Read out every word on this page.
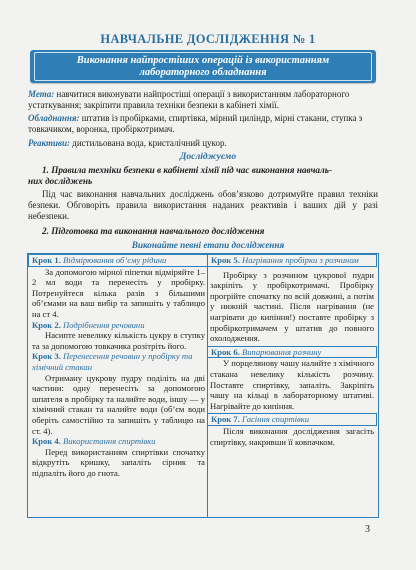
НАВЧАЛЬНЕ ДОСЛІДЖЕННЯ № 1
Виконання найпростіших операцій із використанням
лабораторного обладнання

Мета: навчитися виконувати найпростіші операції з використанням лабораторного устаткування; закріпити правила техніки безпеки в кабінеті хімії.

Обладнання: штатив із пробірками, спиртівка, мірний циліндр, мірні стакани, ступка з товкачиком, воронка, пробіркотримач.

Реактиви: дистильована вода, кристалічний цукор.

Досліджуємо
1. Правила техніки безпеки в кабінеті хімії під час виконання навчаль-
них досліджень

Під час виконання навчальних досліджень обов’язково дотримуйте правил техніки безпеки. Обговоріть правила використання наданих реактивів і ваших дій у разі небезпеки.

2. Підготовка та виконання навчального дослідження
Виконайте певні етапи дослідження

Крок 1. Відмірювання об’єму рідини

За допомогою мірної піпетки відміряйте 1–2 мл води та перенесіть у пробірку. Потренуйтеся кілька разів з більшими об’ємами на ваш вибір та запишіть у таблицю на ст 4.

Крок 2. Подрібнення речовини

Насипте невелику кількість цукру в ступку та за допомогою товкачика розітріть його.

Крок 3. Перенесення речовин у пробірку та хімічний стакан

Отриману цукрову пудру поділіть на дві частини: одну перенесіть за допомогою шпателя в пробірку та налийте води, іншу — у хімічний стакан та налийте води (об’єм води оберіть самостійно та запишіть у таблицю на ст. 4).

Крок 4. Використання спиртівки

Перед використанням спиртівки спочатку відкрутіть кришку, запаліть сірник та підпаліть його до гнота.

Крок 5. Нагрівання пробірки з розчином

Пробірку з розчином цукрової пудри закріпіть у пробіркотримачі. Пробірку прогрійте спочатку по всій довжині, а потім у нижній частині. Після нагрівання (не нагрівати до кипіння!) поставте пробірку з пробіркотримачем у штатив до повного охолодження.

Крок 6. Випарювання розчину

У порцелянову чашу налийте з хімічного стакана невелику кількість розчину. Поставте спиртівку, запаліть. Закріпіть чашу на кільці в лабораторному штативі. Нагрівайте до кипіння.

Крок 7. Гасіння спиртівки

Після виконання дослідження загасіть спиртівку, накривши її ковпачком.

3
